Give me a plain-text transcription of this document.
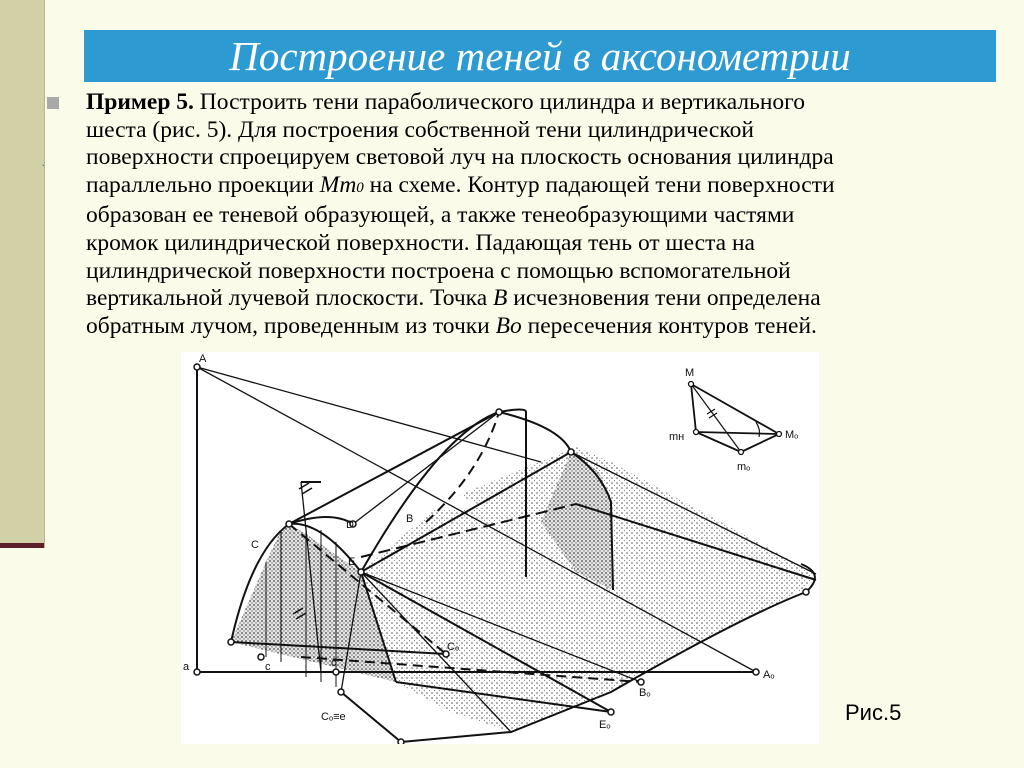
Построение теней в аксонометрии
.
Пример 5. Построить тени параболического цилиндра и вертикального
шеста (рис. 5). Для построения собственной тени цилиндрической
поверхности спроецируем световой луч на плоскость основания цилиндра
параллельно проекции Мm0 на схеме. Контур падающей тени поверхности
образован ее теневой образующей, а также тенеобразующими частями
кромок цилиндрической поверхности. Падающая тень от шеста на
цилиндрической поверхности построена с помощью вспомогательной
вертикальной лучевой плоскости. Точка B исчезновения тени определена
обратным лучом, проведенным из точки Bo пересечения контуров теней.
A
C
D	B
E
a	c	d
Cₒ
Aₒ
Bₒ
Eₒ
Cₒ≡e
M
mн	Mₒ
mₒ
Рис.5
